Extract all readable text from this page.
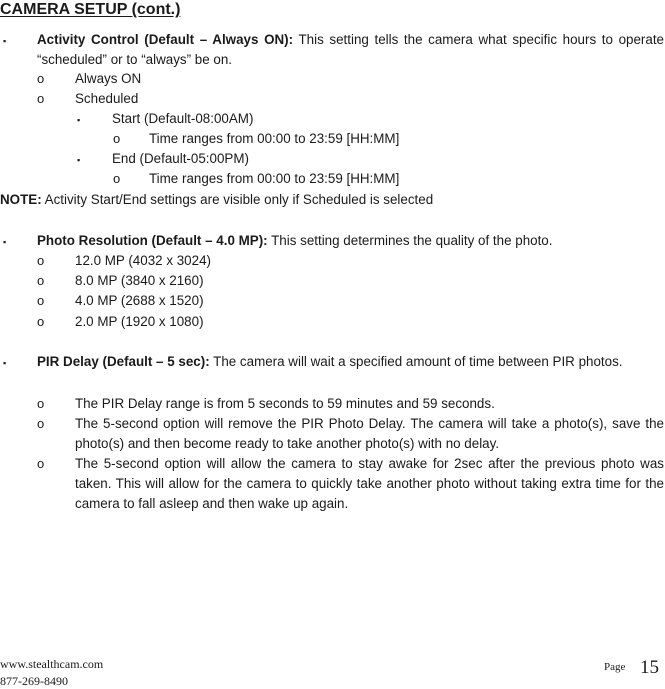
CAMERA SETUP (cont.)
▪ Activity Control (Default – Always ON): This setting tells the camera what specific hours to operate “scheduled” or to “always” be on.
o Always ON
o Scheduled
▪ Start (Default-08:00AM)
o Time ranges from 00:00 to 23:59 [HH:MM]
▪ End (Default-05:00PM)
o Time ranges from 00:00 to 23:59 [HH:MM]
NOTE: Activity Start/End settings are visible only if Scheduled is selected
▪ Photo Resolution (Default – 4.0 MP): This setting determines the quality of the photo.
o 12.0 MP (4032 x 3024)
o 8.0 MP (3840 x 2160)
o 4.0 MP (2688 x 1520)
o 2.0 MP (1920 x 1080)
▪ PIR Delay (Default – 5 sec): The camera will wait a specified amount of time between PIR photos.
o The PIR Delay range is from 5 seconds to 59 minutes and 59 seconds.
o The 5-second option will remove the PIR Photo Delay. The camera will take a photo(s), save the photo(s) and then become ready to take another photo(s) with no delay.
o The 5-second option will allow the camera to stay awake for 2sec after the previous photo was taken. This will allow for the camera to quickly take another photo without taking extra time for the camera to fall asleep and then wake up again.
www.stealthcam.com
877-269-8490
Page 15
